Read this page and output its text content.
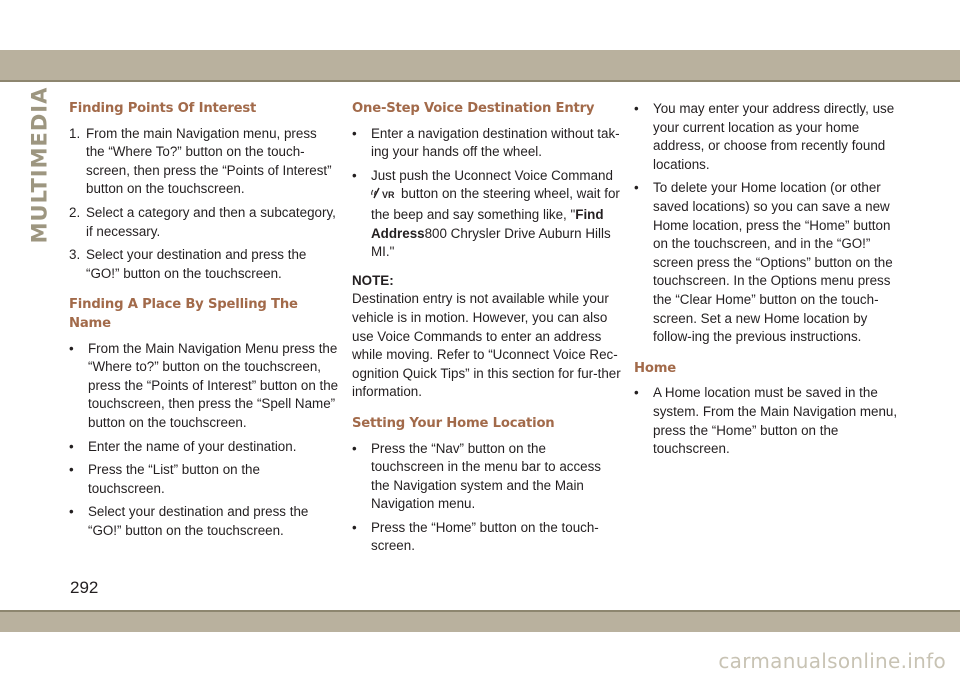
MULTIMEDIA Finding Points Of Interest
1. From the main Navigation menu, press the “Where To?” button on the touch-screen, then press the “Points of Interest” button on the touchscreen.
2. Select a category and then a subcategory, if necessary.
3. Select your destination and press the “GO!” button on the touchscreen.
Finding A Place By Spelling The Name
• From the Main Navigation Menu press the “Where to?” button on the touchscreen, press the “Points of Interest” button on the touchscreen, then press the “Spell Name” button on the touchscreen.
• Enter the name of your destination.
• Press the “List” button on the touchscreen.
• Select your destination and press the “GO!” button on the touchscreen.
One-Step Voice Destination Entry
• Enter a navigation destination without tak-ing your hands off the wheel.
• Just push the Uconnect Voice Command

VR button on the steering wheel, wait for the beep and say something like, "Find Address800 Chrysler Drive Auburn Hills MI."
NOTE:
Destination entry is not available while your vehicle is in motion. However, you can also use Voice Commands to enter an address while moving. Refer to “Uconnect Voice Rec-ognition Quick Tips” in this section for fur-ther information.
Setting Your Home Location
• Press the “Nav” button on the touchscreen in the menu bar to access the Navigation system and the Main Navigation menu.
• Press the “Home” button on the touch-screen.
• You may enter your address directly, use your current location as your home address, or choose from recently found locations.
• To delete your Home location (or other saved locations) so you can save a new Home location, press the “Home” button on the touchscreen, and in the “GO!” screen press the “Options” button on the touchscreen. In the Options menu press the “Clear Home” button on the touch-screen. Set a new Home location by follow-ing the previous instructions.
Home
• A Home location must be saved in the system. From the Main Navigation menu, press the “Home” button on the touchscreen.
292
carmanualsonline.info
